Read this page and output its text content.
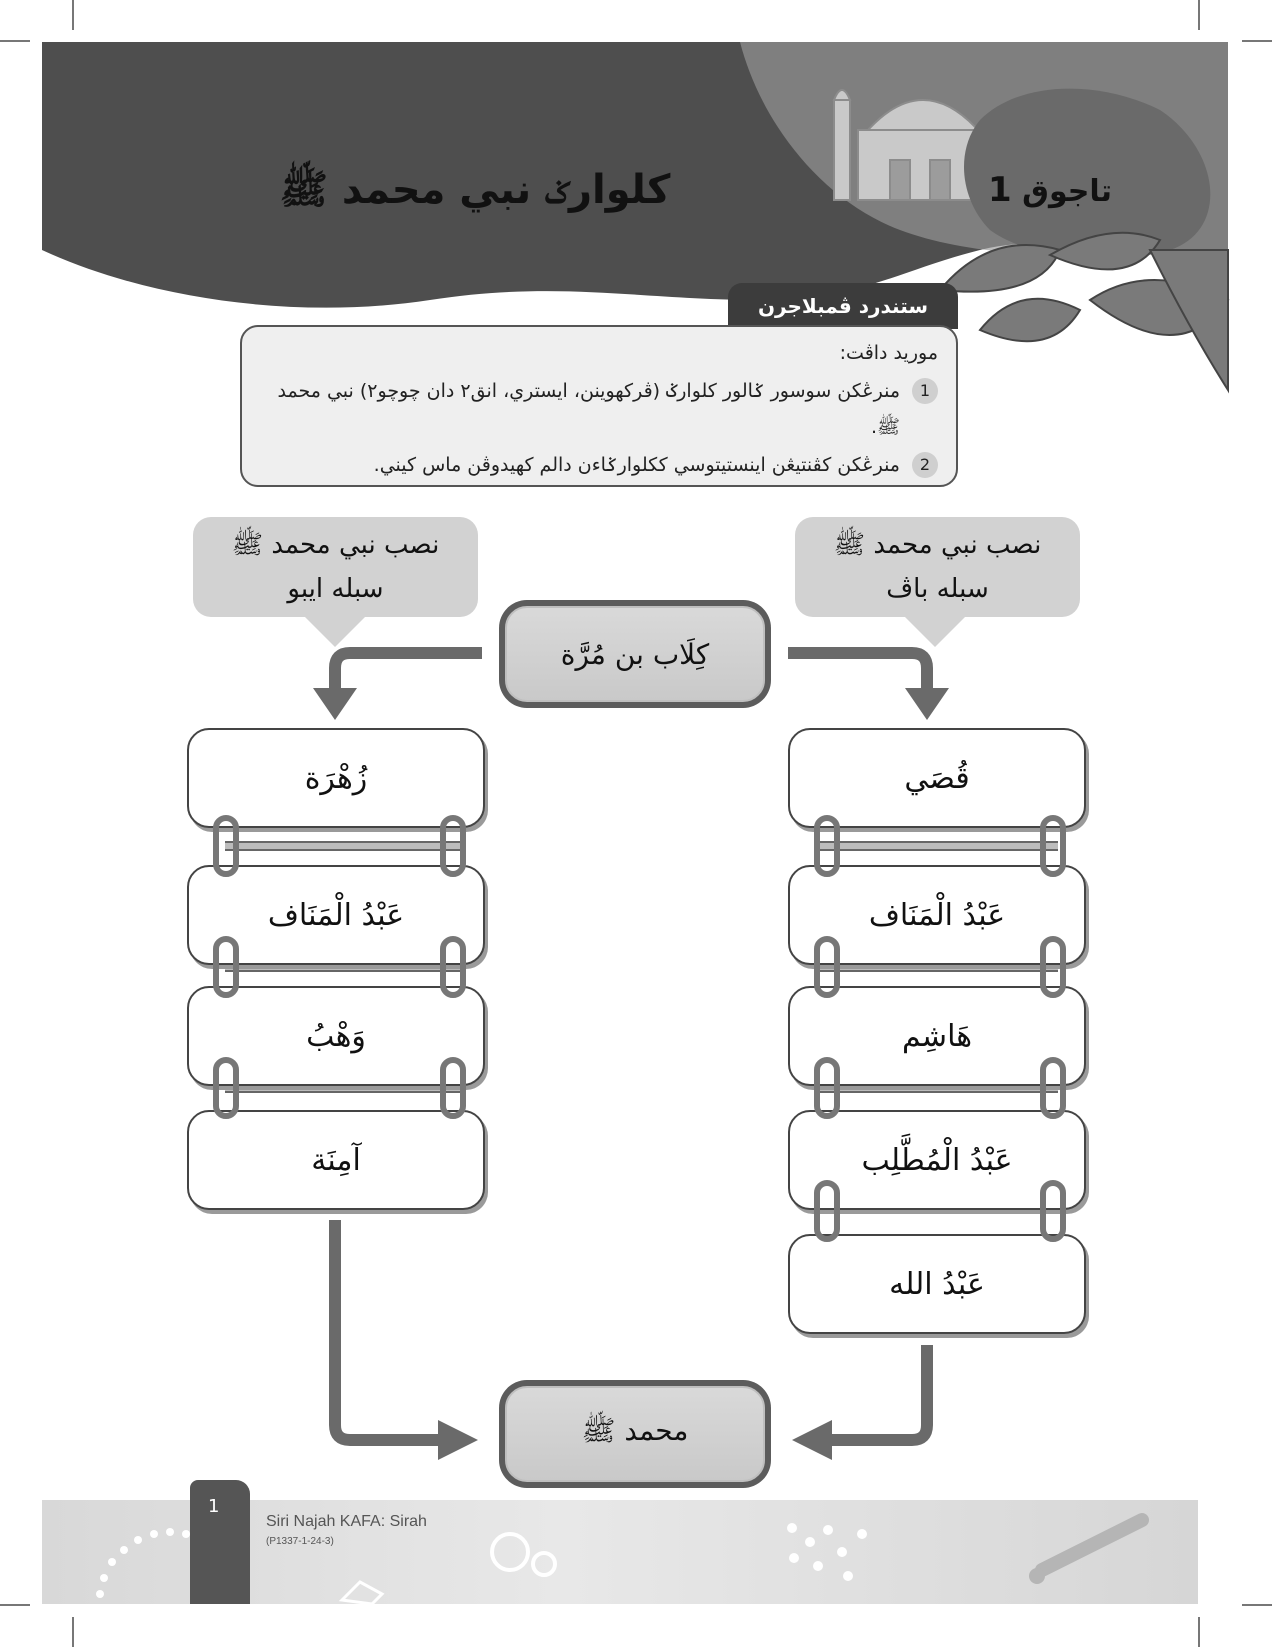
كلوارݢ نبي محمد ﷺ	تاجوق 1
ستندرد ڤمبلاجرن
موريد داڤت:
1
منرڠکن سوسور ݢالور كلوارݢ (ڤرکهوينن، ايستري، انق٢ دان چوچو٢) نبي محمد ﷺ.
2
منرڠکن کڤنتيڠن اينستيتوسي ککلوارݢاءن دالم کهيدوڤن ماس کيني.
نصب نبي محمد ﷺ
سبله ايبو
نصب نبي محمد ﷺ
سبله باڤ
كِلَاب بن مُرَّة
زُهْرَة
عَبْدُ الْمَنَاف
وَهْبُ
آمِنَة
قُصَي
عَبْدُ الْمَنَاف
هَاشِم
عَبْدُ الْمُطَّلِب
عَبْدُ الله
محمد ﷺ
1
Siri Najah KAFA: Sirah
(P1337-1-24-3)
